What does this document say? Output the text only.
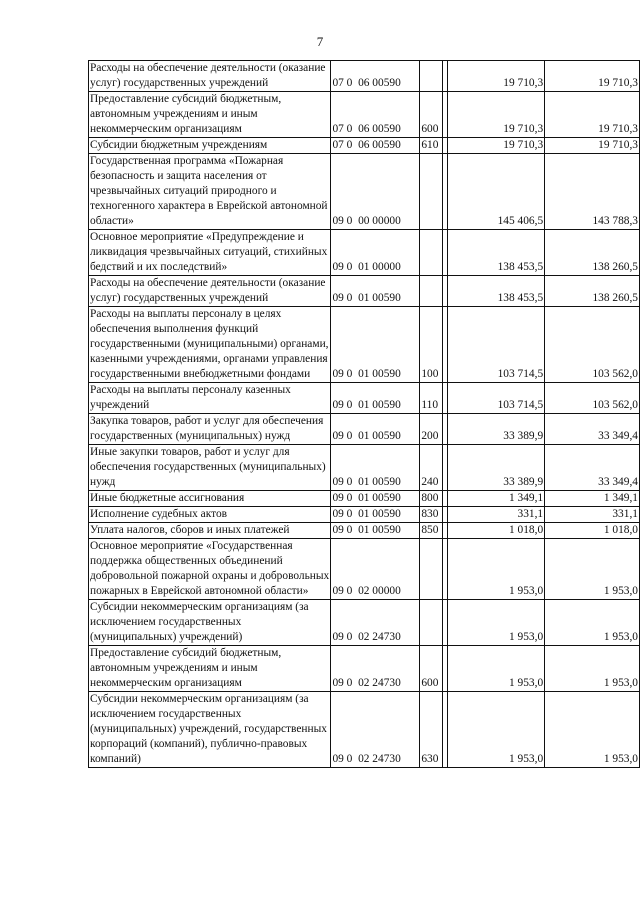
7
Расходы на обеспечение деятельности (оказание услуг) государственных учреждений	07 0  06 00590			19 710,3	19 710,3
Предоставление субсидий бюджетным, автономным учреждениям и иным некоммерческим организациям	07 0  06 00590	600		19 710,3	19 710,3
Субсидии бюджетным учреждениям	07 0  06 00590	610		19 710,3	19 710,3
Государственная программа «Пожарная безопасность и защита населения от чрезвычайных ситуаций природного и техногенного характера в Еврейской автономной области»	09 0  00 00000			145 406,5	143 788,3
Основное мероприятие «Предупреждение и ликвидация чрезвычайных ситуаций, стихийных бедствий и их последствий»	09 0  01 00000			138 453,5	138 260,5
Расходы на обеспечение деятельности (оказание услуг) государственных учреждений	09 0  01 00590			138 453,5	138 260,5
Расходы на выплаты персоналу в целях обеспечения выполнения функций государственными (муниципальными) органами, казенными учреждениями, органами управления государственными внебюджетными фондами	09 0  01 00590	100		103 714,5	103 562,0
Расходы на выплаты персоналу казенных учреждений	09 0  01 00590	110		103 714,5	103 562,0
Закупка товаров, работ и услуг для обеспечения государственных (муниципальных) нужд	09 0  01 00590	200		33 389,9	33 349,4
Иные закупки товаров, работ и услуг для обеспечения государственных (муниципальных) нужд	09 0  01 00590	240		33 389,9	33 349,4
Иные бюджетные ассигнования	09 0  01 00590	800		1 349,1	1 349,1
Исполнение судебных актов	09 0  01 00590	830		331,1	331,1
Уплата налогов, сборов и иных платежей	09 0  01 00590	850		1 018,0	1 018,0
Основное мероприятие «Государственная поддержка общественных объединений добровольной пожарной охраны и добровольных пожарных в Еврейской автономной области»	09 0  02 00000			1 953,0	1 953,0
Субсидии некоммерческим организациям (за исключением государственных (муниципальных) учреждений)	09 0  02 24730			1 953,0	1 953,0
Предоставление субсидий бюджетным, автономным учреждениям и иным некоммерческим организациям	09 0  02 24730	600		1 953,0	1 953,0
Субсидии некоммерческим организациям (за исключением государственных (муниципальных) учреждений, государственных корпораций (компаний), публично-правовых компаний)	09 0  02 24730	630		1 953,0	1 953,0
